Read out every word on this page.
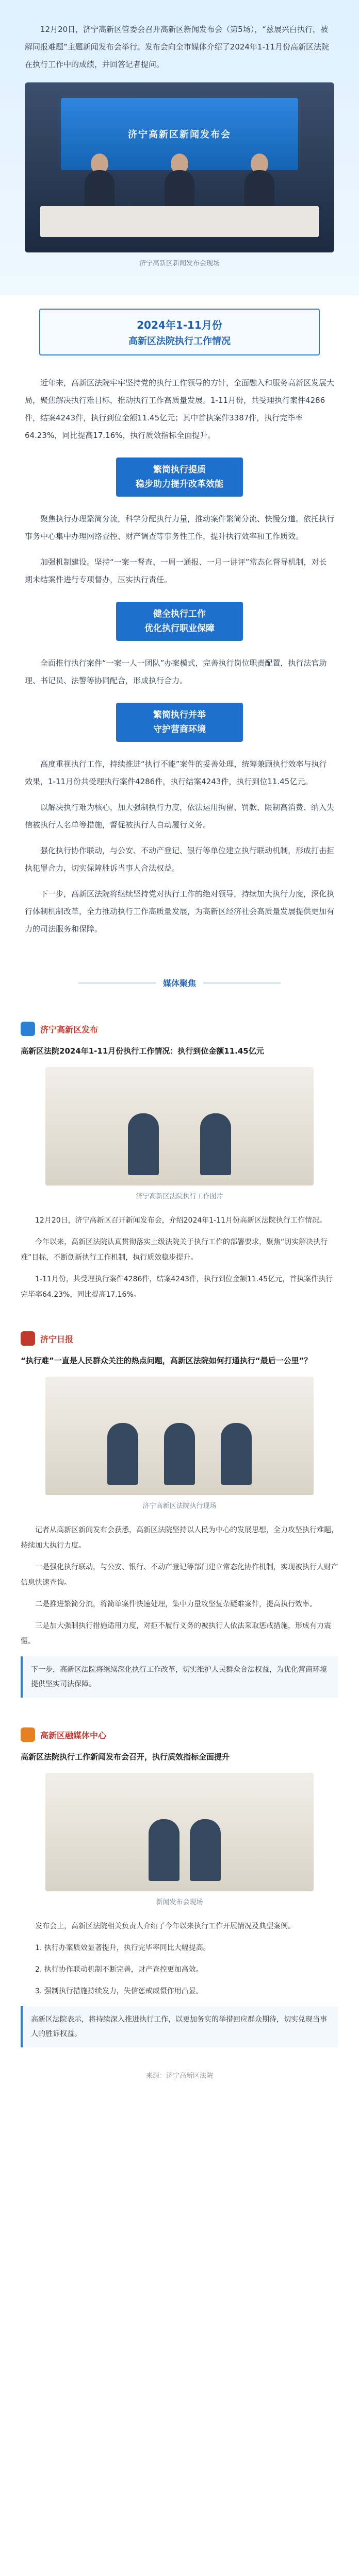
12月20日，济宁高新区管委会召开高新区新闻发布会（第5场），“兹展兴白执行，被解同报难题”主题新闻发布会举行。发布会向全市媒体介绍了2024年1-11月份高新区法院在执行工作中的成绩，并回答记者提问。

济宁高新区新闻发布会
济宁高新区新闻发布会现场
2024年1-11月份
高新区法院执行工作情况

近年来，高新区法院牢牢坚持党的执行工作领导的方针，全面融入和服务高新区发展大局，聚焦解决执行难目标，推动执行工作高质量发展。1-11月份，共受理执行案件4286件，结案4243件，执行到位金额11.45亿元；其中首执案件3387件，执行完毕率64.23%，同比提高17.16%，执行质效指标全面提升。

繁简执行提质
稳步助力提升改革效能

聚焦执行办理繁简分流，科学分配执行力量，推动案件繁简分流、快慢分道。依托执行事务中心集中办理网络查控、财产调查等事务性工作，提升执行效率和工作质效。

加强机制建设。坚持“一案一督查、一周一通报、一月一讲评”常态化督导机制，对长期未结案件进行专项督办，压实执行责任。

健全执行工作
优化执行职业保障

全面推行执行案件“一案一人一团队”办案模式，完善执行岗位职责配置，执行法官助理、书记员、法警等协同配合，形成执行合力。

繁简执行并举
守护营商环境

高度重视执行工作，持续推进“执行不能”案件的妥善处理，统筹兼顾执行效率与执行效果，1-11月份共受理执行案件4286件，执行结案4243件，执行到位11.45亿元。

以解决执行难为核心，加大强制执行力度，依法运用拘留、罚款、限制高消费、纳入失信被执行人名单等措施，督促被执行人自动履行义务。

强化执行协作联动，与公安、不动产登记、银行等单位建立执行联动机制，形成打击拒执犯罪合力，切实保障胜诉当事人合法权益。

下一步，高新区法院将继续坚持党对执行工作的绝对领导，持续加大执行力度，深化执行体制机制改革，全力推动执行工作高质量发展，为高新区经济社会高质量发展提供更加有力的司法服务和保障。

媒体聚焦
济宁高新区发布
高新区法院2024年1-11月份执行工作情况：执行到位金额11.45亿元
济宁高新区法院执行工作图片

12月20日，济宁高新区召开新闻发布会，介绍2024年1-11月份高新区法院执行工作情况。

今年以来，高新区法院认真贯彻落实上级法院关于执行工作的部署要求，聚焦“切实解决执行难”目标，不断创新执行工作机制，执行质效稳步提升。

1-11月份，共受理执行案件4286件，结案4243件，执行到位金额11.45亿元，首执案件执行完毕率64.23%，同比提高17.16%。

济宁日报
“执行难”一直是人民群众关注的热点问题，高新区法院如何打通执行“最后一公里”？
济宁高新区法院执行现场

记者从高新区新闻发布会获悉，高新区法院坚持以人民为中心的发展思想，全力攻坚执行难题，持续加大执行力度。

一是强化执行联动，与公安、银行、不动产登记等部门建立常态化协作机制，实现被执行人财产信息快速查询。

二是推进繁简分流，将简单案件快速处理，集中力量攻坚复杂疑难案件，提高执行效率。

三是加大强制执行措施适用力度，对拒不履行义务的被执行人依法采取惩戒措施，形成有力震慑。

下一步，高新区法院将继续深化执行工作改革，切实维护人民群众合法权益，为优化营商环境提供坚实司法保障。
高新区融媒体中心
高新区法院执行工作新闻发布会召开，执行质效指标全面提升
新闻发布会现场

发布会上，高新区法院相关负责人介绍了今年以来执行工作开展情况及典型案例。

1. 执行办案质效显著提升，执行完毕率同比大幅提高。

2. 执行协作联动机制不断完善，财产查控更加高效。

3. 强制执行措施持续发力，失信惩戒威慑作用凸显。

高新区法院表示，将持续深入推进执行工作，以更加务实的举措回应群众期待，切实兑现当事人的胜诉权益。
来源：济宁高新区法院
